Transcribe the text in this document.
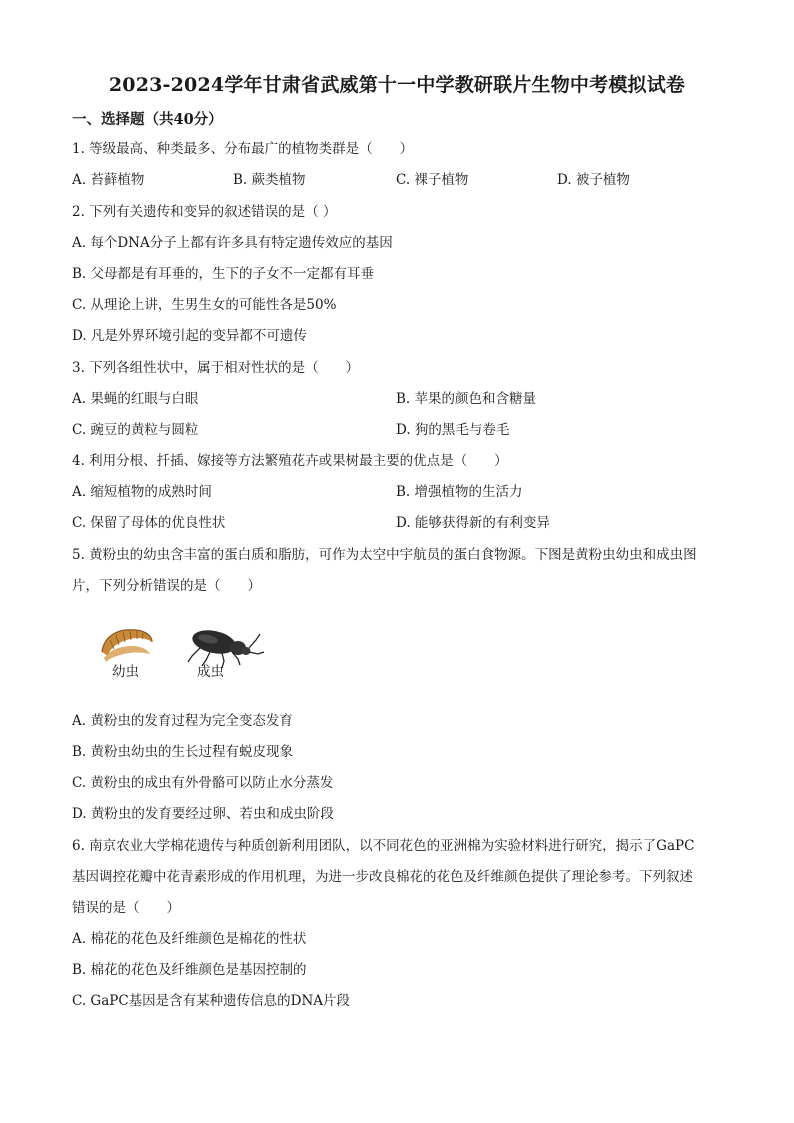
2023-2024学年甘肃省武威第十一中学教研联片生物中考模拟试卷
一、选择题（共40分）
1. 等级最高、种类最多、分布最广的植物类群是（　　）
A. 苔藓植物	B. 蕨类植物	C. 裸子植物	D. 被子植物
2. 下列有关遗传和变异的叙述错误的是（ ）
A. 每个DNA分子上都有许多具有特定遗传效应的基因
B. 父母都是有耳垂的，生下的子女不一定都有耳垂
C. 从理论上讲，生男生女的可能性各是50%
D. 凡是外界环境引起的变异都不可遗传
3. 下列各组性状中，属于相对性状的是（　　）
A. 果蝇的红眼与白眼	B. 苹果的颜色和含糖量
C. 豌豆的黄粒与圆粒	D. 狗的黑毛与卷毛
4. 利用分根、扦插、嫁接等方法繁殖花卉或果树最主要的优点是（　　）
A. 缩短植物的成熟时间	B. 增强植物的生活力
C. 保留了母体的优良性状	D. 能够获得新的有利变异
5. 黄粉虫的幼虫含丰富的蛋白质和脂肪，可作为太空中宇航员的蛋白食物源。下图是黄粉虫幼虫和成虫图
片，下列分析错误的是（　　）
幼虫	成虫
A. 黄粉虫的发育过程为完全变态发育
B. 黄粉虫幼虫的生长过程有蜕皮现象
C. 黄粉虫的成虫有外骨骼可以防止水分蒸发
D. 黄粉虫的发育要经过卵、若虫和成虫阶段
6. 南京农业大学棉花遗传与种质创新利用团队，以不同花色的亚洲棉为实验材料进行研究，揭示了GaPC
基因调控花瓣中花青素形成的作用机理，为进一步改良棉花的花色及纤维颜色提供了理论参考。下列叙述
错误的是（　　）
A. 棉花的花色及纤维颜色是棉花的性状
B. 棉花的花色及纤维颜色是基因控制的
C. GaPC基因是含有某种遗传信息的DNA片段
